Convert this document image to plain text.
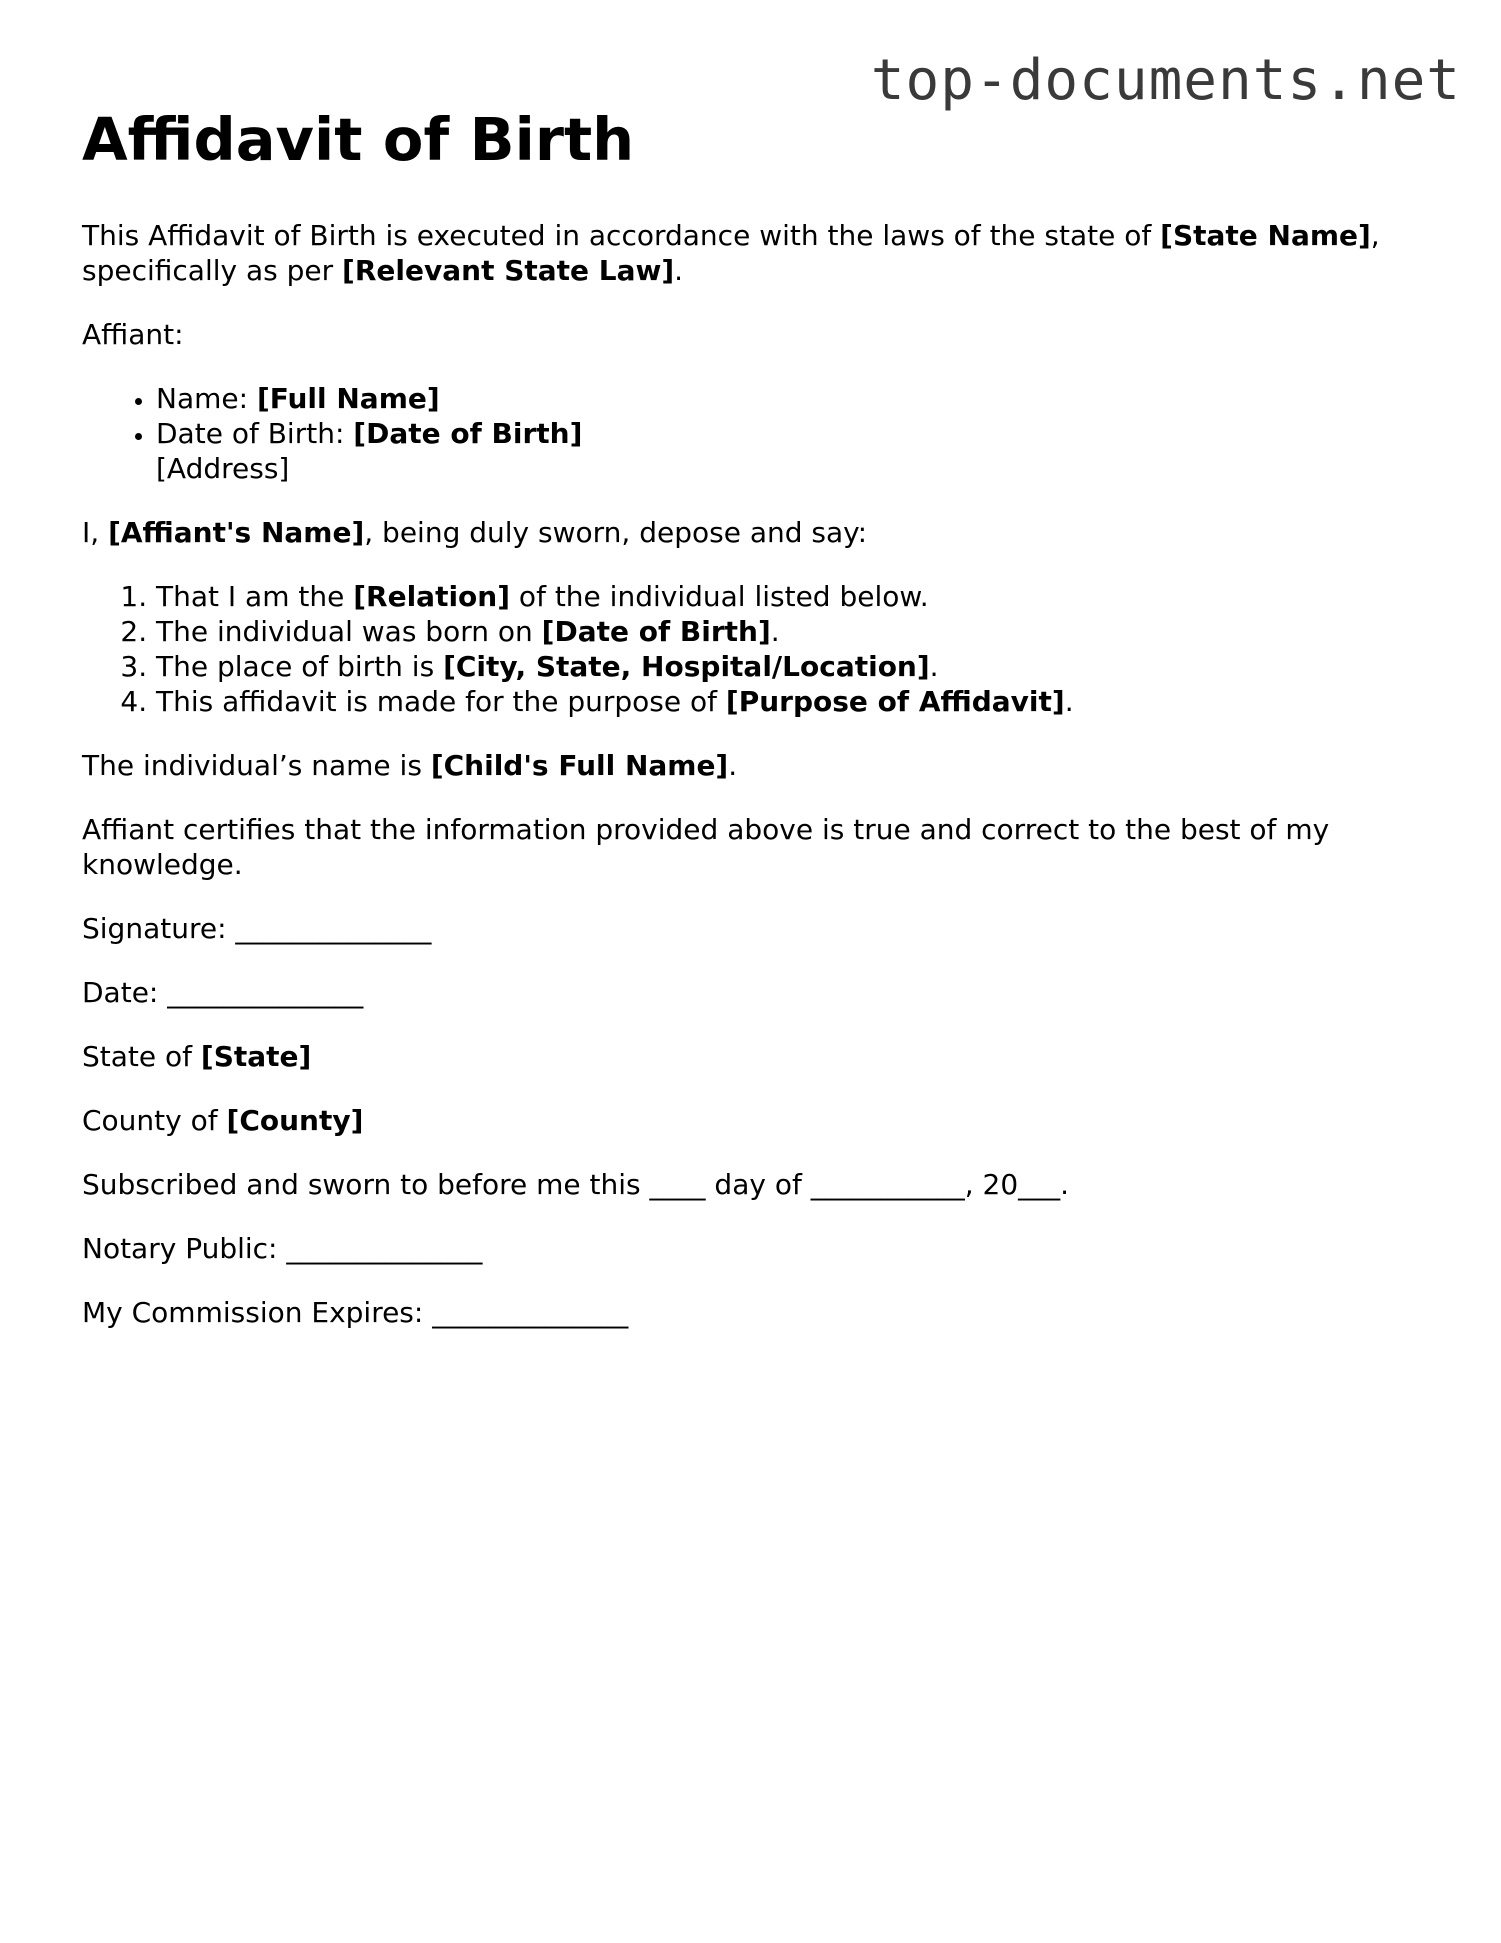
top-documents.net
Affidavit of Birth

This Affidavit of Birth is executed in accordance with the laws of the state of [State Name], specifically as per [Relevant State Law].

Affiant:

• Name: [Full Name]
• Date of Birth: [Date of Birth]
[Address]

I, [Affiant's Name], being duly sworn, depose and say:

1. That I am the [Relation] of the individual listed below.
2. The individual was born on [Date of Birth].
3. The place of birth is [City, State, Hospital/Location].
4. This affidavit is made for the purpose of [Purpose of Affidavit].

The individual’s name is [Child's Full Name].

Affiant certifies that the information provided above is true and correct to the best of my knowledge.

Signature: ______________

Date: ______________

State of [State]

County of [County]

Subscribed and sworn to before me this ____ day of ___________, 20___.

Notary Public: ______________

My Commission Expires: ______________
